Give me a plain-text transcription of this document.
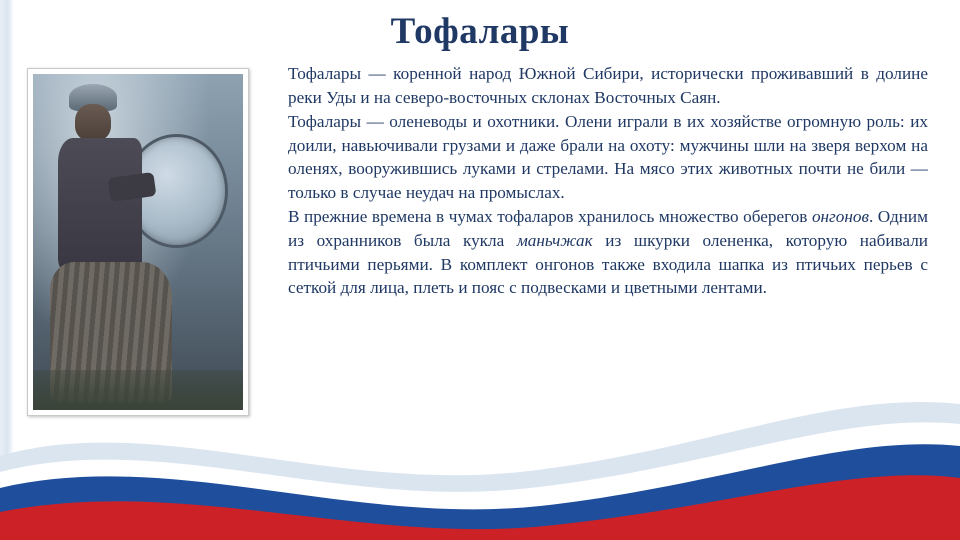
Тофалары

Тофалары — коренной народ Южной Сибири, исторически проживавший в долине реки Уды и на северо-восточных склонах Восточных Саян.

Тофалары — оленеводы и охотники. Олени играли в их хозяйстве огромную роль: их доили, навьючивали грузами и даже брали на охоту: мужчины шли на зверя верхом на оленях, вооружившись луками и стрелами. На мясо этих животных почти не били — только в случае неудач на промыслах.

В прежние времена в чумах тофаларов хранилось множество оберегов онгонов. Одним из охранников была кукла маньчжак из шкурки олененка, которую набивали птичьими перьями. В комплект онгонов также входила шапка из птичьих перьев с сеткой для лица, плеть и пояс с подвесками и цветными лентами.
